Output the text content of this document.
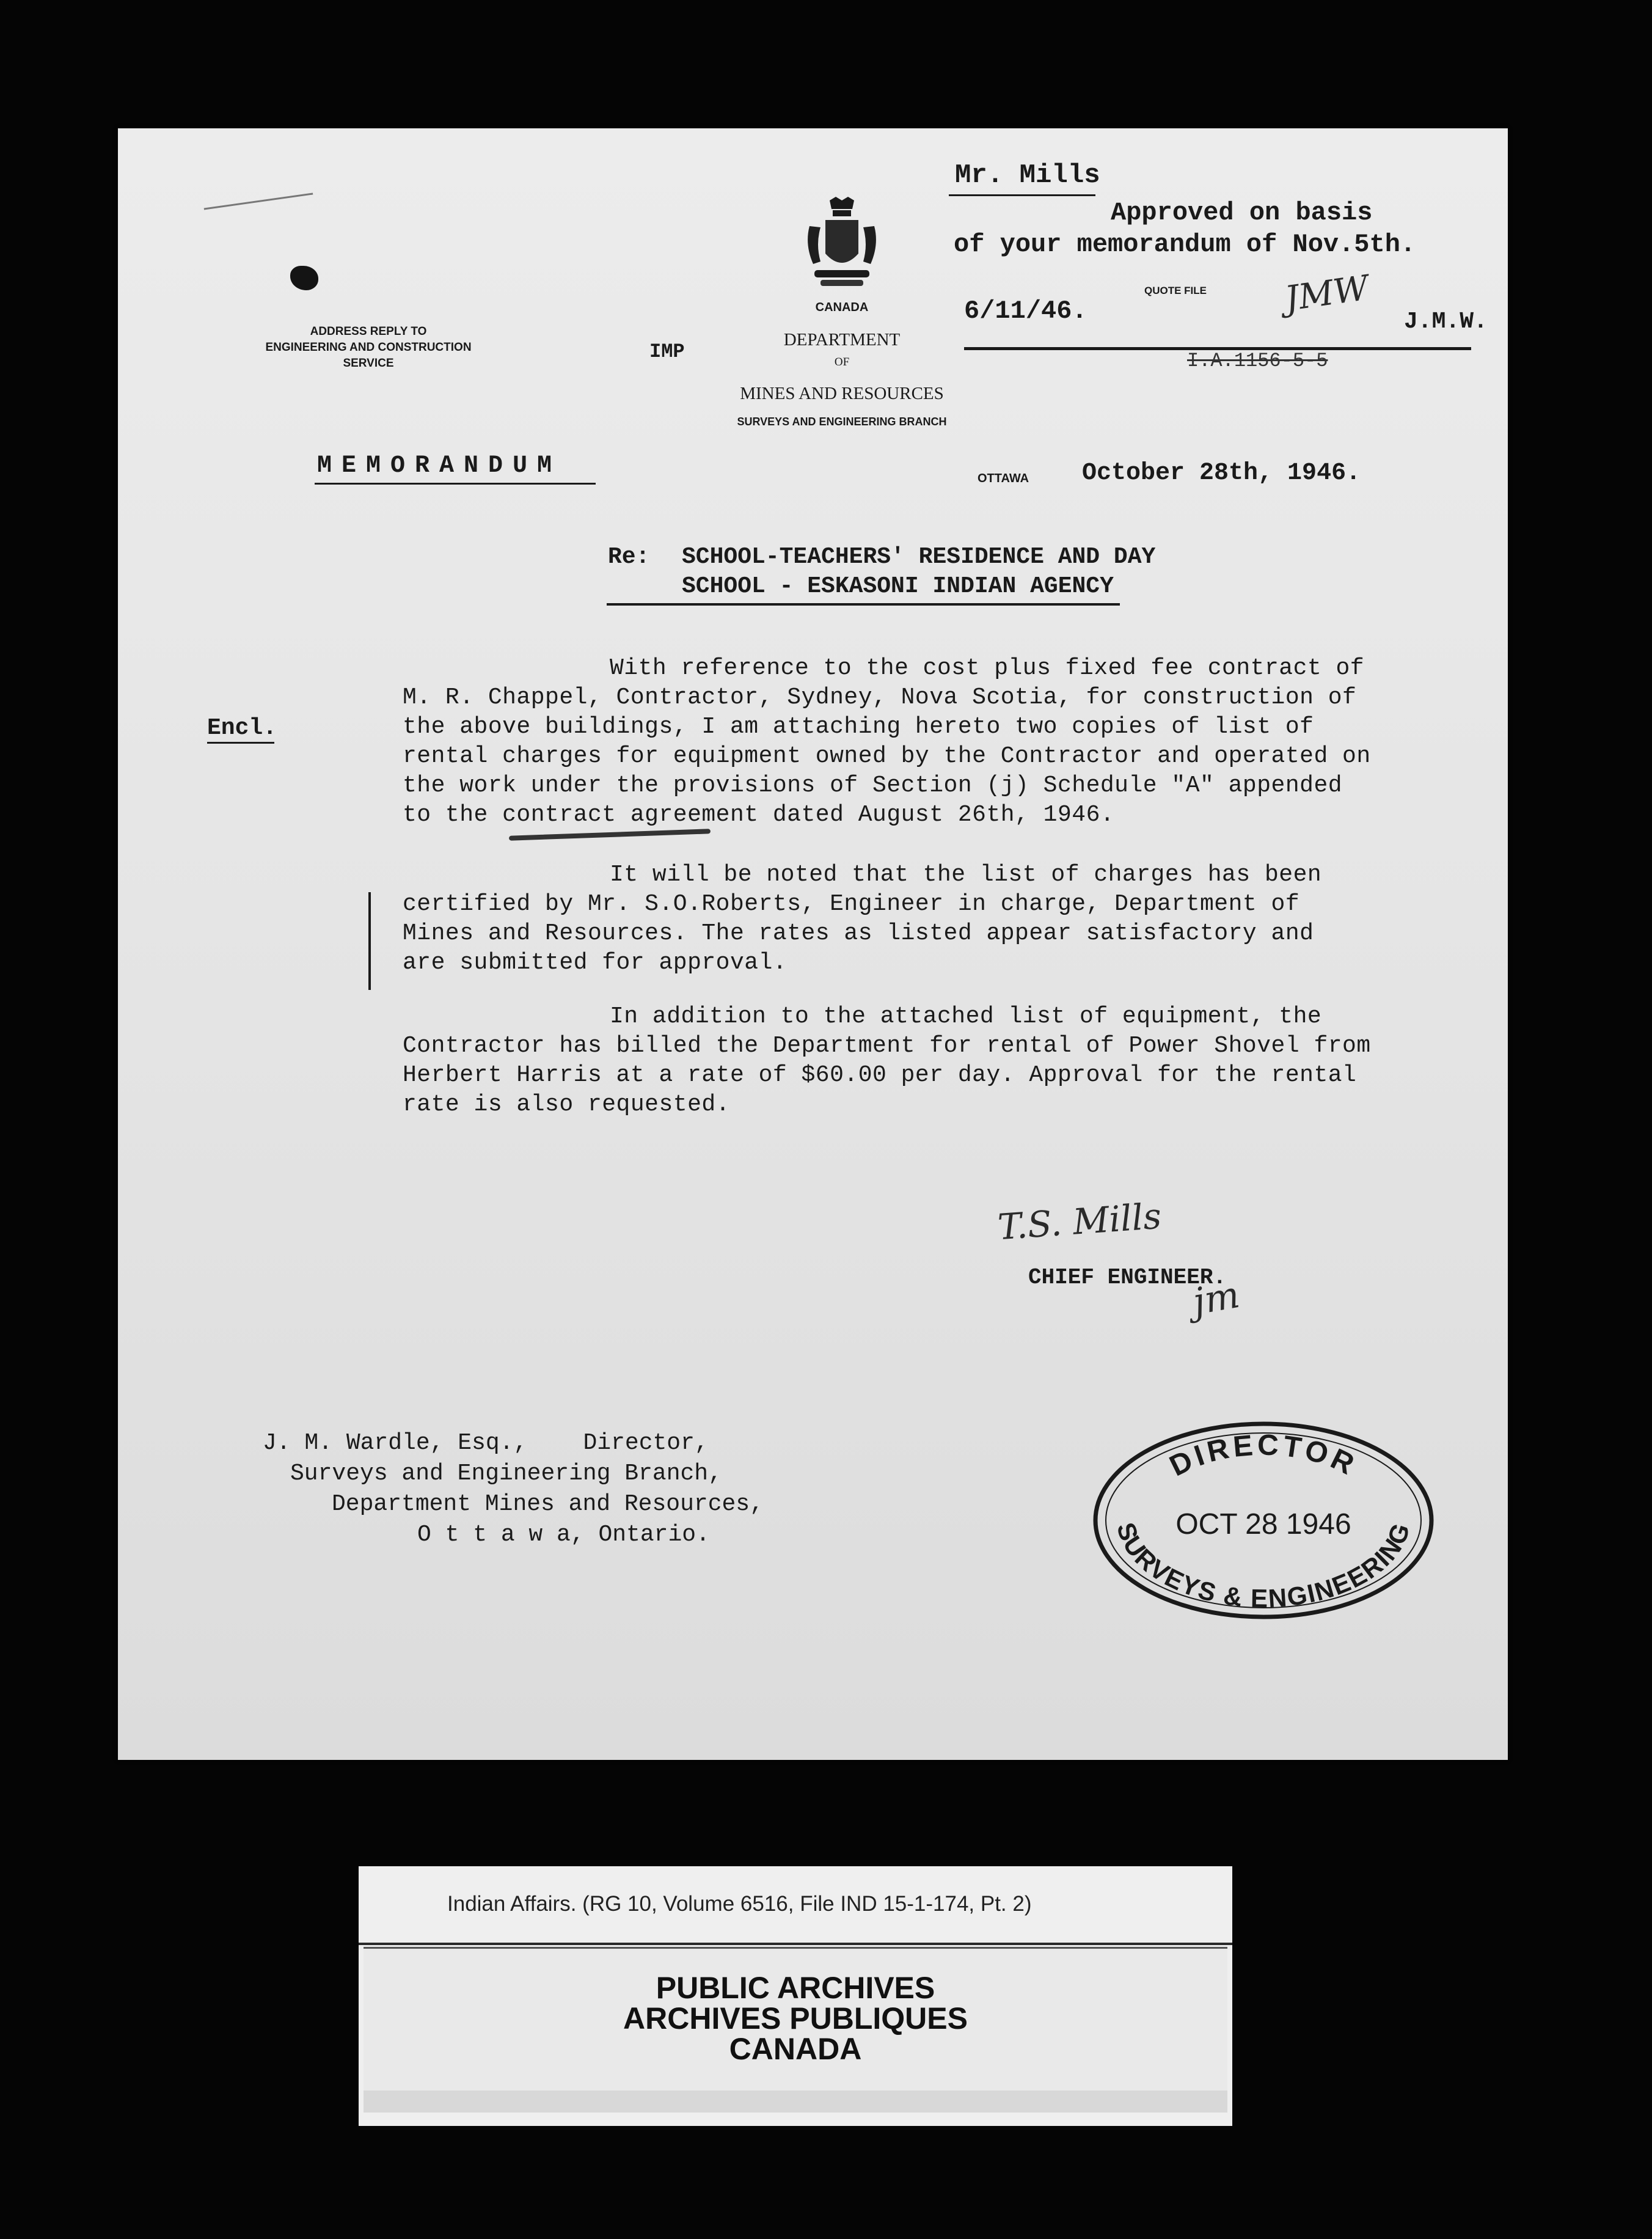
ADDRESS REPLY TO
ENGINEERING AND CONSTRUCTION
SERVICE
IMP
CANADA
DEPARTMENT
OF
MINES AND RESOURCES
SURVEYS AND ENGINEERING BRANCH
Mr. Mills
Approved on basis
of your memorandum of Nov.5th.
6/11/46.
QUOTE FILE JMW
J.M.W.
I.A.1156-5-5
MEMORANDUM	OTTAWA October 28th, 1946.
Re: SCHOOL-TEACHERS' RESIDENCE AND DAY
SCHOOL - ESKASONI INDIAN AGENCY
Encl.
With reference to the cost plus fixed fee contract of
M. R. Chappel, Contractor, Sydney, Nova Scotia, for construction of
the above buildings, I am attaching hereto two copies of list of
rental charges for equipment owned by the Contractor and operated on
the work under the provisions of Section (j) Schedule "A" appended
to the contract agreement dated August 26th, 1946.
It will be noted that the list of charges has been
certified by Mr. S.O.Roberts, Engineer in charge, Department of
Mines and Resources. The rates as listed appear satisfactory and
are submitted for approval.
In addition to the attached list of equipment, the
Contractor has billed the Department for rental of Power Shovel from
Herbert Harris at a rate of $60.00 per day. Approval for the rental
rate is also requested.
T.S. Mills
CHIEF ENGINEER.
jm
J. M. Wardle, Esq.,    Director,
Surveys and Engineering Branch,
Department Mines and Resources,
O t t a w a, Ontario.
DIRECTOR
OCT 28 1946
SURVEYS & ENGINEERING
Indian Affairs. (RG 10, Volume 6516, File IND 15-1-174, Pt. 2)
PUBLIC ARCHIVES
ARCHIVES PUBLIQUES
CANADA
